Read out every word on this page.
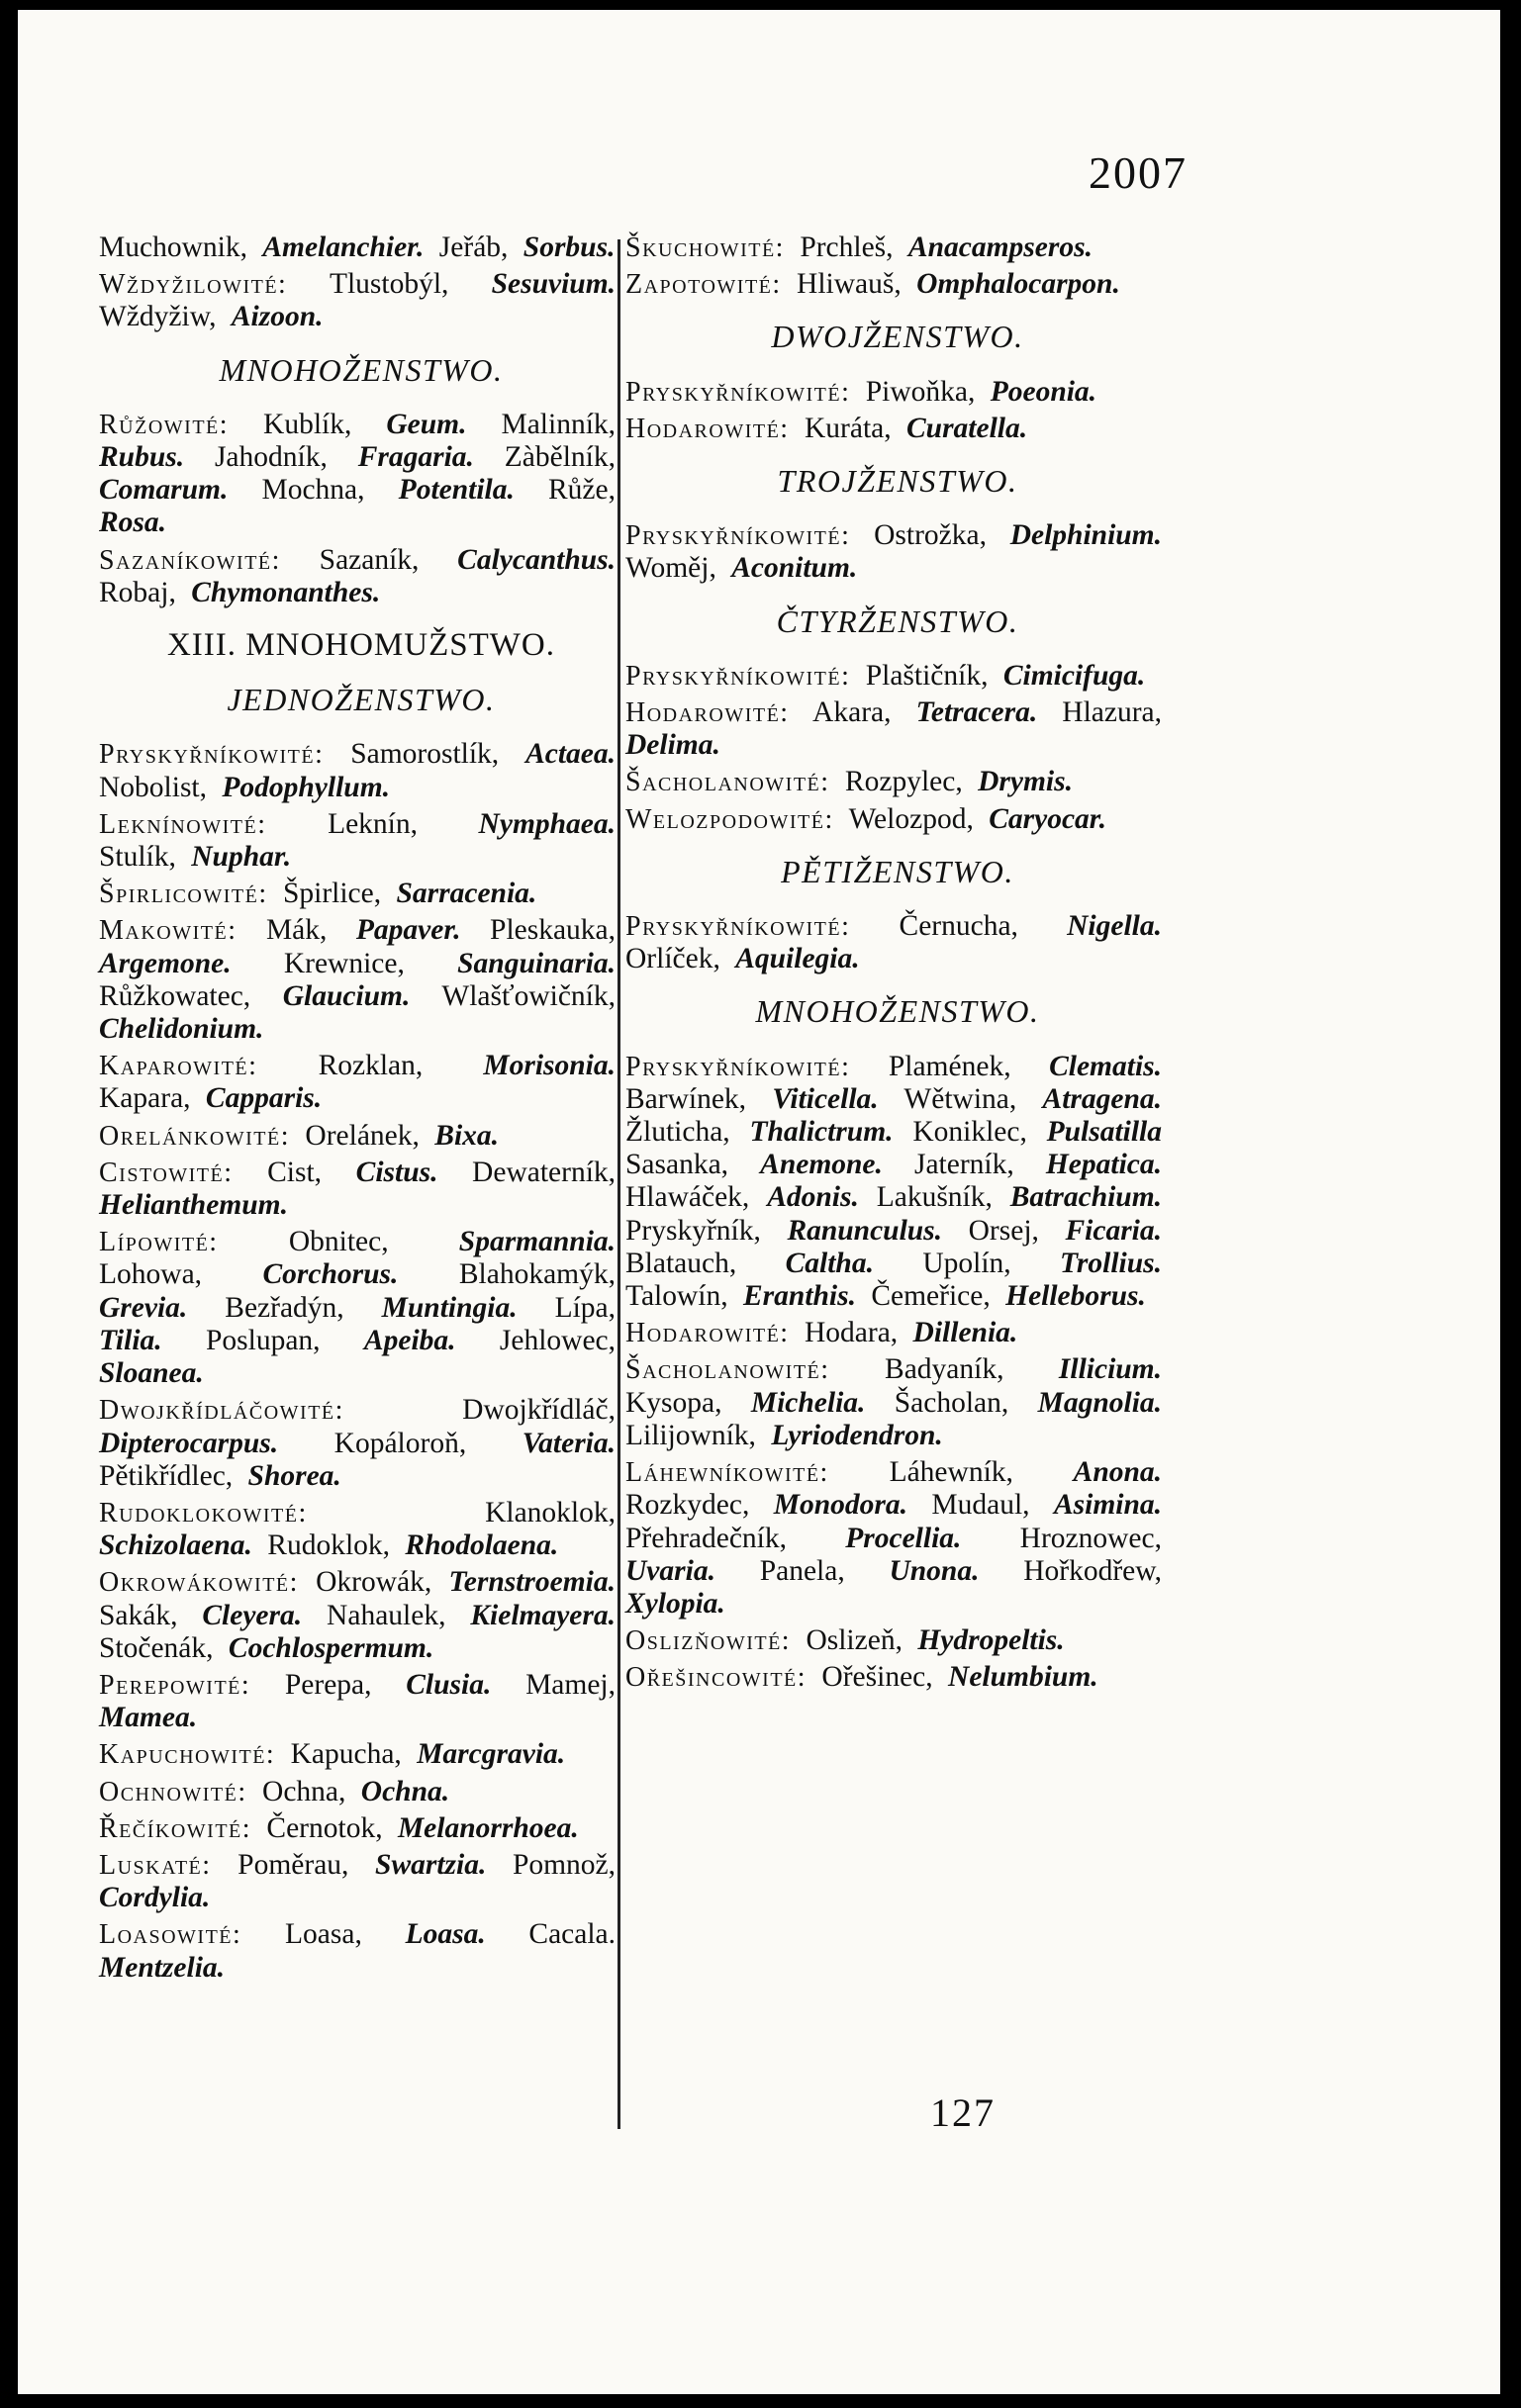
2007
Muchownik, Amelanchier. Jeřáb, Sorbus.
Wždyžilowité: Tlustobýl, Sesuvium. Wždyžiw, Aizoon.
MNOHOŽENSTWO.
Růžowité: Kublík, Geum. Malinník, Rubus. Jahodník, Fragaria. Zàbělník, Comarum. Mochna, Potentila. Růže, Rosa.
Sazaníkowité: Sazaník, Calycanthus. Robaj, Chymonanthes.
XIII. MNOHOMUŽSTWO.
JEDNOŽENSTWO.
Pryskyřníkowité: Samorostlík, Actaea. Nobolist, Podophyllum.
Leknínowité: Leknín, Nymphaea. Stulík, Nuphar.
Špirlicowité: Špirlice, Sarracenia.
Makowité: Mák, Papaver. Pleskauka, Argemone. Krewnice, Sanguinaria. Růžkowatec, Glaucium. Wlašťowičník, Chelidonium.
Kaparowité: Rozklan, Morisonia. Kapara, Capparis.
Orelánkowité: Orelánek, Bixa.
Cistowité: Cist, Cistus. Dewaterník, Helianthemum.
Lípowité: Obnitec, Sparmannia. Lohowa, Corchorus. Blahokamýk, Grevia. Bezřadýn, Muntingia. Lípa, Tilia. Poslupan, Apeiba. Jehlowec, Sloanea.
Dwojkřídláčowité:	Dwojkřídláč, Dipterocarpus. Kopáloroň, Vateria. Pětikřídlec, Shorea.
Rudoklokowité:	Klanoklok, Schizolaena. Rudoklok, Rhodolaena.
Okrowákowité: Okrowák, Ternstroemia. Sakák, Cleyera. Nahaulek, Kielmayera. Stočenák, Cochlospermum.
Perepowité: Perepa, Clusia. Mamej, Mamea.
Kapuchowité: Kapucha, Marcgravia.
Ochnowité: Ochna, Ochna.
Řečíkowité: Černotok, Melanorrhoea.
Luskaté: Poměrau, Swartzia. Pomnož, Cordylia.
Loasowité: Loasa, Loasa. Cacala. Mentzelia.
Škuchowité: Prchleš, Anacampseros.
Zapotowité: Hliwauš, Omphalocarpon.
DWOJŽENSTWO.
Pryskyřníkowité: Piwoňka, Poeonia.
Hodarowité: Kuráta, Curatella.
TROJŽENSTWO.
Pryskyřníkowité: Ostrožka, Delphinium. Woměj, Aconitum.
ČTYRŽENSTWO.
Pryskyřníkowité: Plaštičník, Cimicifuga.
Hodarowité: Akara, Tetracera. Hlazura, Delima.
Šacholanowité: Rozpylec, Drymis.
Welozpodowité: Welozpod, Caryocar.
PĚTIŽENSTWO.
Pryskyřníkowité: Černucha, Nigella. Orlíček, Aquilegia.
MNOHOŽENSTWO.
Pryskyřníkowité: Plamének, Clematis. Barwínek, Viticella. Wětwina, Atragena. Žluticha, Thalictrum. Koniklec, Pulsatilla Sasanka, Anemone. Jaterník, Hepatica. Hlawáček, Adonis. Lakušník, Batrachium. Pryskyřník, Ranunculus. Orsej, Ficaria. Blatauch, Caltha. Upolín, Trollius. Talowín, Eranthis. Čemeřice, Helleborus.
Hodarowité: Hodara, Dillenia.
Šacholanowité: Badyaník, Illicium. Kysopa, Michelia. Šacholan, Magnolia. Lilijowník, Lyriodendron.
Láhewníkowité: Láhewník, Anona. Rozkydec, Monodora. Mudaul, Asimina. Přehradečník, Procellia. Hroznowec, Uvaria. Panela, Unona. Hořkodřew, Xylopia.
Oslizňowité: Oslizeň, Hydropeltis.
Ořešincowité: Ořešinec, Nelumbium.
127
